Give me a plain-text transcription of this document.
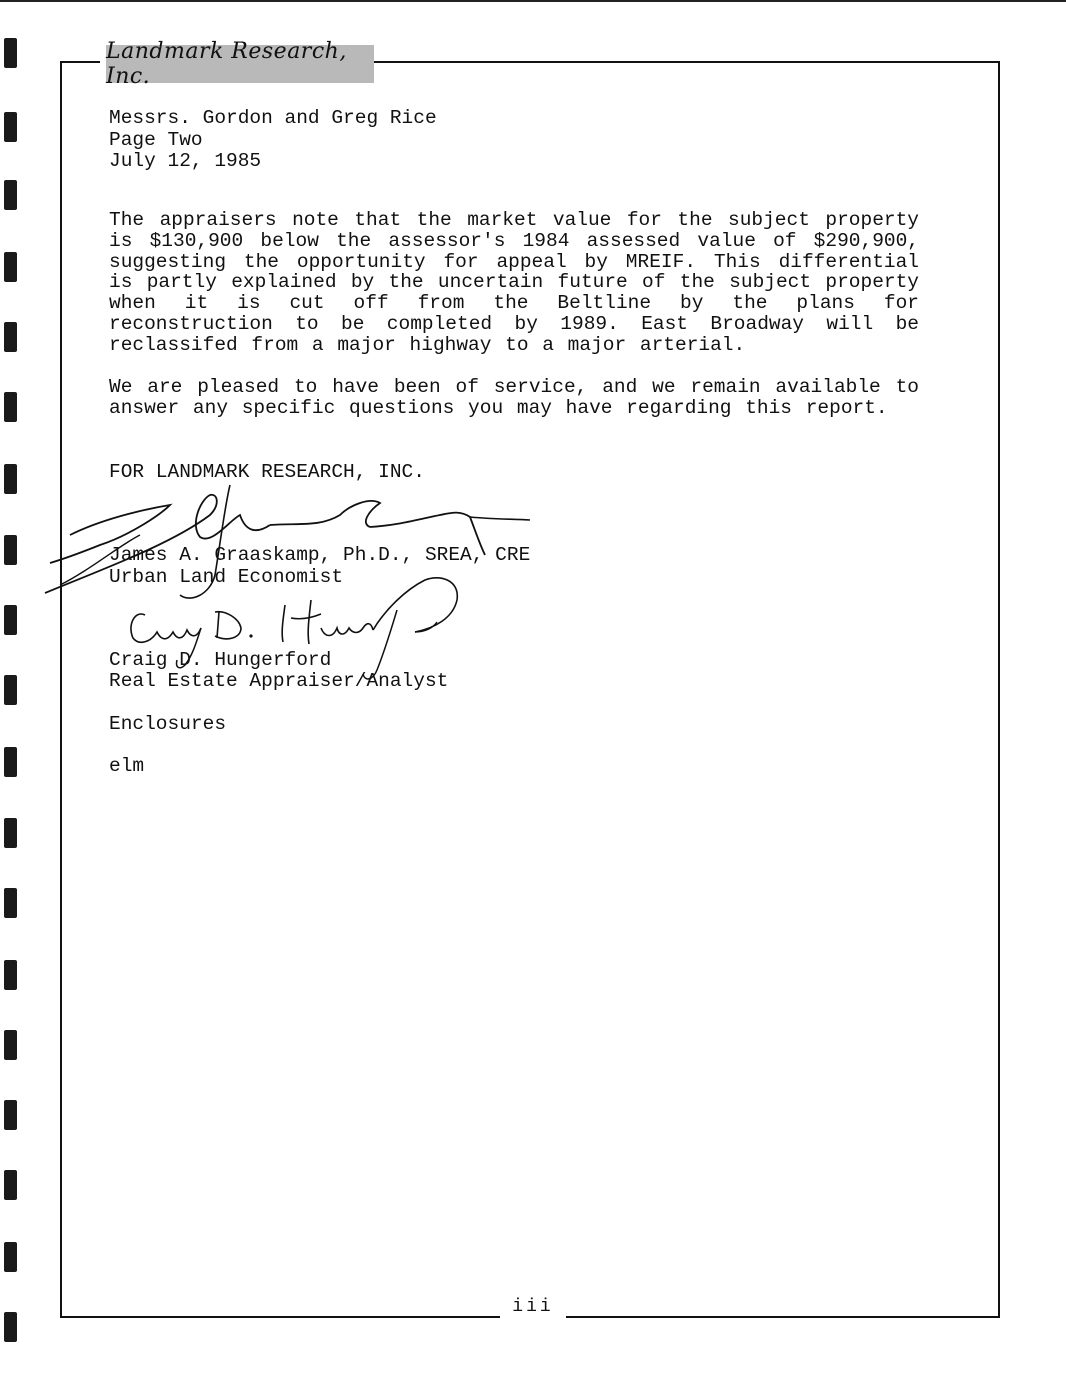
Landmark Research, Inc.
Messrs. Gordon and Greg Rice
Page Two
July 12, 1985
The appraisers note that the market value for the subject property is $130,900 below the assessor's 1984 assessed value of $290,900, suggesting the opportunity for appeal by MREIF. This differential is partly explained by the uncertain future of the subject property when it is cut off from the Beltline by the plans for reconstruction to be completed by 1989. East Broadway will be reclassifed from a major highway to a major arterial.
We are pleased to have been of service, and we remain available to answer any specific questions you may have regarding this report.
FOR LANDMARK RESEARCH, INC.
James A. Graaskamp, Ph.D., SREA, CRE
Urban Land Economist
Craig D. Hungerford
Real Estate Appraiser/Analyst
Enclosures
elm
iii
